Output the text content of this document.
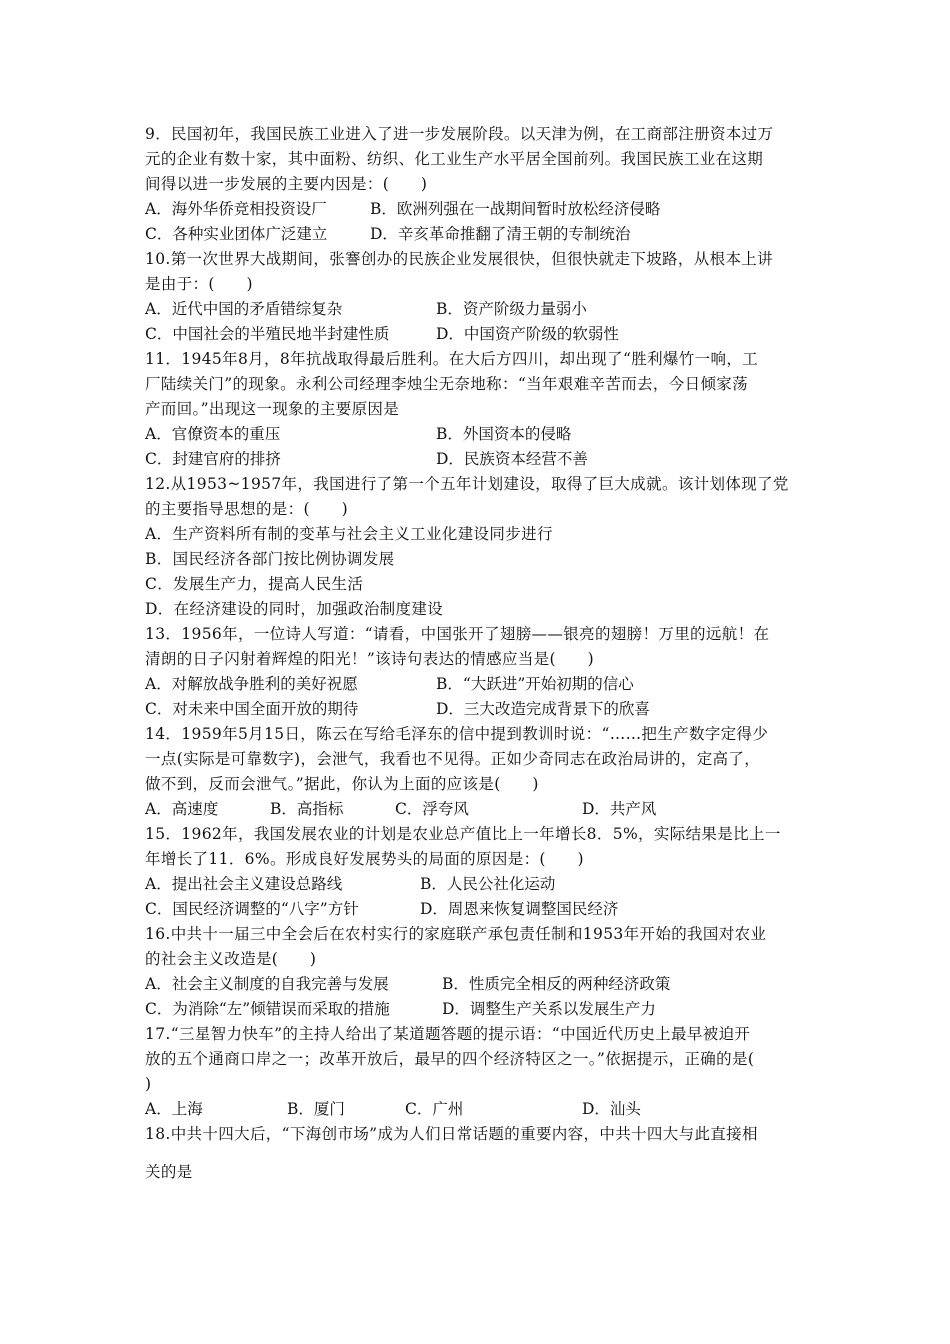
9．民国初年，我国民族工业进入了进一步发展阶段。以天津为例，在工商部注册资本过万
元的企业有数十家，其中面粉、纺织、化工业生产水平居全国前列。我国民族工业在这期
间得以进一步发展的主要内因是：(　　)
A．海外华侨竞相投资设厂	B．欧洲列强在一战期间暂时放松经济侵略
C．各种实业团体广泛建立	D．辛亥革命推翻了清王朝的专制统治
10.第一次世界大战期间，张謇创办的民族企业发展很快，但很快就走下坡路，从根本上讲
是由于：(　　)
A．近代中国的矛盾错综复杂	B．资产阶级力量弱小
C．中国社会的半殖民地半封建性质	D．中国资产阶级的软弱性
11．1945年8月，8年抗战取得最后胜利。在大后方四川，却出现了“胜利爆竹一响，工
厂陆续关门”的现象。永利公司经理李烛尘无奈地称：“当年艰难辛苦而去，今日倾家荡
产而回。”出现这一现象的主要原因是
A．官僚资本的重压	B．外国资本的侵略
C．封建官府的排挤	D．民族资本经营不善
12.从1953~1957年，我国进行了第一个五年计划建设，取得了巨大成就。该计划体现了党
的主要指导思想的是：(　　)
A．生产资料所有制的变革与社会主义工业化建设同步进行
B．国民经济各部门按比例协调发展
C．发展生产力，提高人民生活
D．在经济建设的同时，加强政治制度建设
13．1956年，一位诗人写道：“请看，中国张开了翅膀——银亮的翅膀！万里的远航！在
清朗的日子闪射着辉煌的阳光！”该诗句表达的情感应当是(　　)
A．对解放战争胜利的美好祝愿	B．“大跃进”开始初期的信心
C．对未来中国全面开放的期待	D．三大改造完成背景下的欣喜
14．1959年5月15日，陈云在写给毛泽东的信中提到教训时说：“……把生产数字定得少
一点(实际是可靠数字)，会泄气，我看也不见得。正如少奇同志在政治局讲的，定高了，
做不到，反而会泄气。”据此，你认为上面的应该是(　　)
A．高速度	B．高指标	C．浮夸风	D．共产风
15．1962年，我国发展农业的计划是农业总产值比上一年增长8．5%，实际结果是比上一
年增长了11．6%。形成良好发展势头的局面的原因是：(　　)
A．提出社会主义建设总路线	B．人民公社化运动
C．国民经济调整的“八字”方针	D．周恩来恢复调整国民经济
16.中共十一届三中全会后在农村实行的家庭联产承包责任制和1953年开始的我国对农业
的社会主义改造是(　　)
A．社会主义制度的自我完善与发展	B．性质完全相反的两种经济政策
C．为消除“左”倾错误而采取的措施	D．调整生产关系以发展生产力
17.“三星智力快车”的主持人给出了某道题答题的提示语：“中国近代历史上最早被迫开
放的五个通商口岸之一；改革开放后，最早的四个经济特区之一。”依据提示，正确的是(
)
A．上海	B．厦门	C．广州	D．汕头
18.中共十四大后，“下海创市场”成为人们日常话题的重要内容，中共十四大与此直接相
关的是
